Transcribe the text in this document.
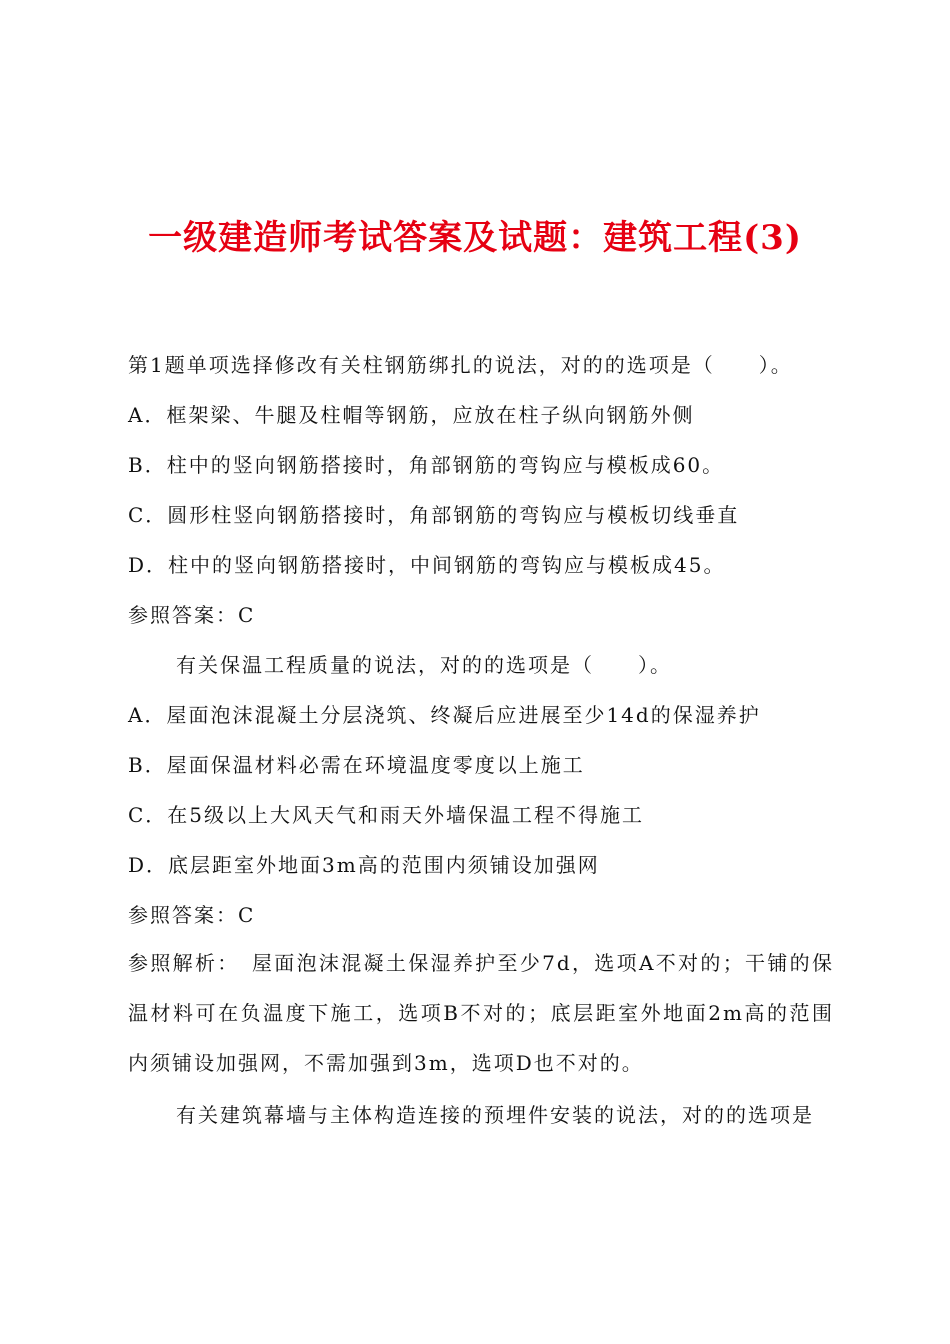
一级建造师考试答案及试题：建筑工程(3)
第1题单项选择修改有关柱钢筋绑扎的说法，对的的选项是（　　）。
A．框架梁、牛腿及柱帽等钢筋，应放在柱子纵向钢筋外侧
B．柱中的竖向钢筋搭接时，角部钢筋的弯钩应与模板成60。
C．圆形柱竖向钢筋搭接时，角部钢筋的弯钩应与模板切线垂直
D．柱中的竖向钢筋搭接时，中间钢筋的弯钩应与模板成45。
参照答案：C
有关保温工程质量的说法，对的的选项是（　　）。
A．屋面泡沫混凝土分层浇筑、终凝后应进展至少14d的保湿养护
B．屋面保温材料必需在环境温度零度以上施工
C．在5级以上大风天气和雨天外墙保温工程不得施工
D．底层距室外地面3m高的范围内须铺设加强网
参照答案：C
参照解析：　屋面泡沫混凝土保湿养护至少7d，选项A不对的；干铺的保温材料可在负温度下施工，选项B不对的；底层距室外地面2m高的范围内须铺设加强网，不需加强到3m，选项D也不对的。
有关建筑幕墙与主体构造连接的预埋件安装的说法，对的的选项是
